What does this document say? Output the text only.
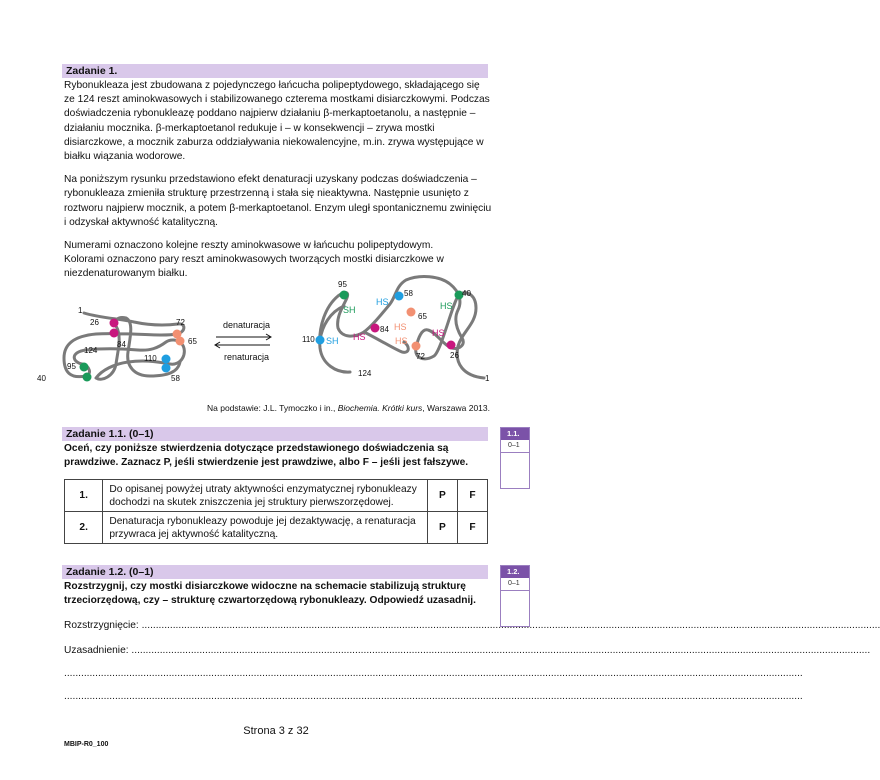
Zadanie 1.

Rybonukleaza jest zbudowana z pojedynczego łańcucha polipeptydowego, składającego się ze 124 reszt aminokwasowych i stabilizowanego czterema mostkami disiarczkowymi. Podczas doświadczenia rybonukleazę poddano najpierw działaniu β-merkaptoetanolu, a następnie – działaniu mocznika. β-merkaptoetanol redukuje i – w konsekwencji – zrywa mostki disiarczkowe, a mocznik zaburza oddziaływania niekowalencyjne, m.in. zrywa występujące w białku wiązania wodorowe.

Na poniższym rysunku przedstawiono efekt denaturacji uzyskany podczas doświadczenia – rybonukleaza zmieniła strukturę przestrzenną i stała się nieaktywna. Następnie usunięto z roztworu najpierw mocznik, a potem β-merkaptoetanol. Enzym uległ spontanicznemu zwinięciu i odzyskał aktywność katalityczną.

Numerami oznaczono kolejne reszty aminokwasowe w łańcuchu polipeptydowym. Kolorami oznaczono pary reszt aminokwasowych tworzących mostki disiarczkowe w niezdenaturowanym białku.

1
26	72
84	65
124
110
95
40	58
denaturacja
renaturacja
95
40
58
65
84
110
72	26
124
1
SH
HS	HS
HS
HS	HS
HS
SH
Na podstawie: J.L. Tymoczko i in., Biochemia. Krótki kurs, Warszawa 2013.
Zadanie 1.1. (0–1)	1.1.
0–1
Oceń, czy poniższe stwierdzenia dotyczące przedstawionego doświadczenia są prawdziwe. Zaznacz P, jeśli stwierdzenie jest prawdziwe, albo F – jeśli jest fałszywe.
1.	Do opisanej powyżej utraty aktywności enzymatycznej rybonukleazy dochodzi na skutek zniszczenia jej struktury pierwszorzędowej.	P	F
2.	Denaturacja rybonukleazy powoduje jej dezaktywację, a renaturacja przywraca jej aktywność katalityczną.	P	F
Zadanie 1.2. (0–1)	1.2.
0–1
Rozstrzygnij, czy mostki disiarczkowe widoczne na schemacie stabilizują strukturę trzeciorzędową, czy – strukturę czwartorzędową rybonukleazy. Odpowiedź uzasadnij.
Rozstrzygnięcie: .....................................................................................................................................................................................................................................................................
Uzasadnienie: .....................................................................................................................................................................................................................................................................
.....................................................................................................................................................................................................................................................................
.....................................................................................................................................................................................................................................................................
Strona 3 z 32
MBIP-R0_100
